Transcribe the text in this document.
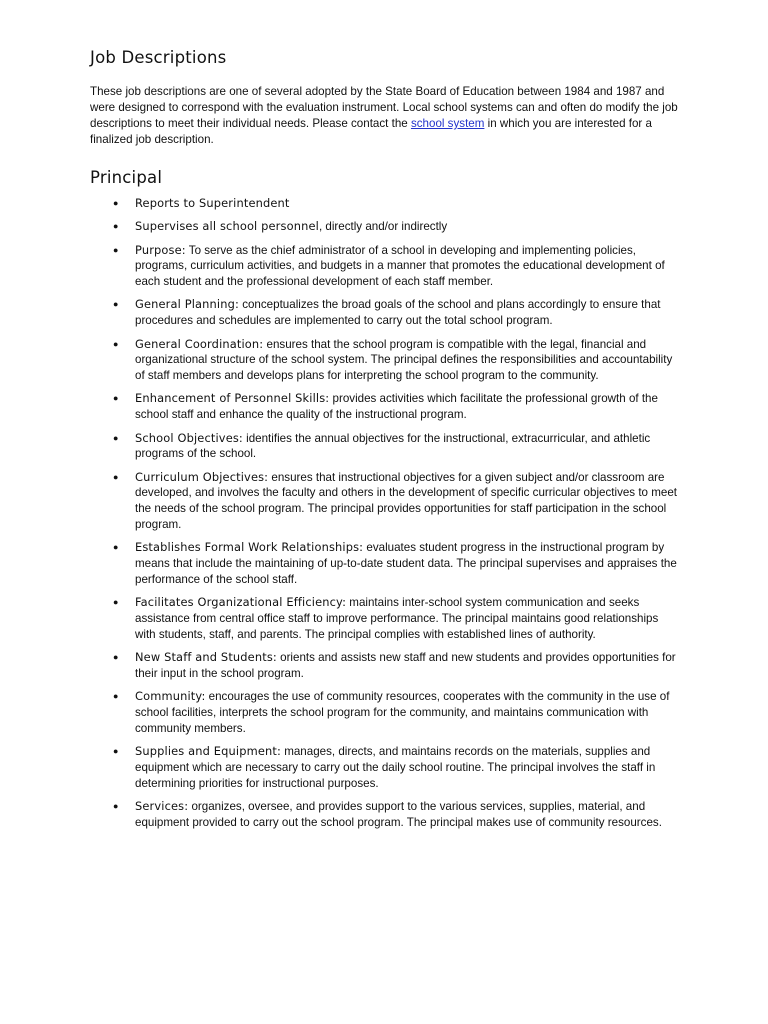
Job Descriptions

These job descriptions are one of several adopted by the State Board of Education between 1984 and 1987 and were designed to correspond with the evaluation instrument. Local school systems can and often do modify the job descriptions to meet their individual needs. Please contact the school system in which you are interested for a finalized job description.

Principal
● Reports to Superintendent
● Supervises all school personnel, directly and/or indirectly
● Purpose: To serve as the chief administrator of a school in developing and implementing policies, programs, curriculum activities, and budgets in a manner that promotes the educational development of each student and the professional development of each staff member.
● General Planning: conceptualizes the broad goals of the school and plans accordingly to ensure that procedures and schedules are implemented to carry out the total school program.
● General Coordination: ensures that the school program is compatible with the legal, financial and organizational structure of the school system. The principal defines the responsibilities and accountability of staff members and develops plans for interpreting the school program to the community.
● Enhancement of Personnel Skills: provides activities which facilitate the professional growth of the school staff and enhance the quality of the instructional program.
● School Objectives: identifies the annual objectives for the instructional, extracurricular, and athletic programs of the school.
● Curriculum Objectives: ensures that instructional objectives for a given subject and/or classroom are developed, and involves the faculty and others in the development of specific curricular objectives to meet the needs of the school program. The principal provides opportunities for staff participation in the school program.
● Establishes Formal Work Relationships: evaluates student progress in the instructional program by means that include the maintaining of up-to-date student data. The principal supervises and appraises the performance of the school staff.
● Facilitates Organizational Efficiency: maintains inter-school system communication and seeks assistance from central office staff to improve performance. The principal maintains good relationships with students, staff, and parents. The principal complies with established lines of authority.
● New Staff and Students: orients and assists new staff and new students and provides opportunities for their input in the school program.
● Community: encourages the use of community resources, cooperates with the community in the use of school facilities, interprets the school program for the community, and maintains communication with community members.
● Supplies and Equipment: manages, directs, and maintains records on the materials, supplies and equipment which are necessary to carry out the daily school routine. The principal involves the staff in determining priorities for instructional purposes.
● Services: organizes, oversee, and provides support to the various services, supplies, material, and equipment provided to carry out the school program. The principal makes use of community resources.
